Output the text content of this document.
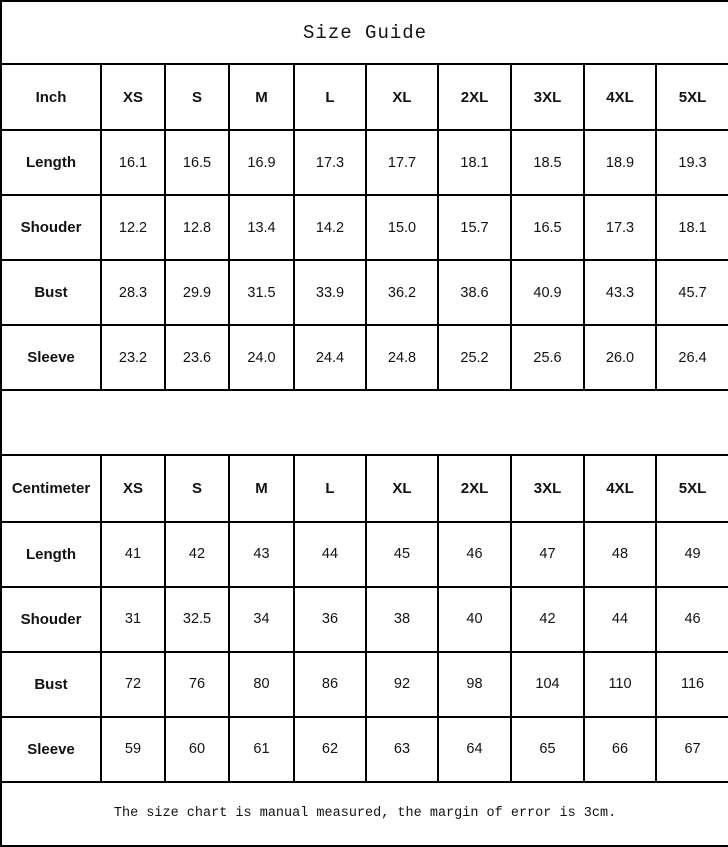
Size Guide									
Inch	XS	S	M	L	XL	2XL	3XL	4XL	5XL
Length	16.1	16.5	16.9	17.3	17.7	18.1	18.5	18.9	19.3
Shouder	12.2	12.8	13.4	14.2	15.0	15.7	16.5	17.3	18.1
Bust	28.3	29.9	31.5	33.9	36.2	38.6	40.9	43.3	45.7
Sleeve	23.2	23.6	24.0	24.4	24.8	25.2	25.6	26.0	26.4

Centimeter	XS	S	M	L	XL	2XL	3XL	4XL	5XL
Length	41	42	43	44	45	46	47	48	49
Shouder	31	32.5	34	36	38	40	42	44	46
Bust	72	76	80	86	92	98	104	110	116
Sleeve	59	60	61	62	63	64	65	66	67
The size chart is manual measured, the margin of error is 3cm.									
